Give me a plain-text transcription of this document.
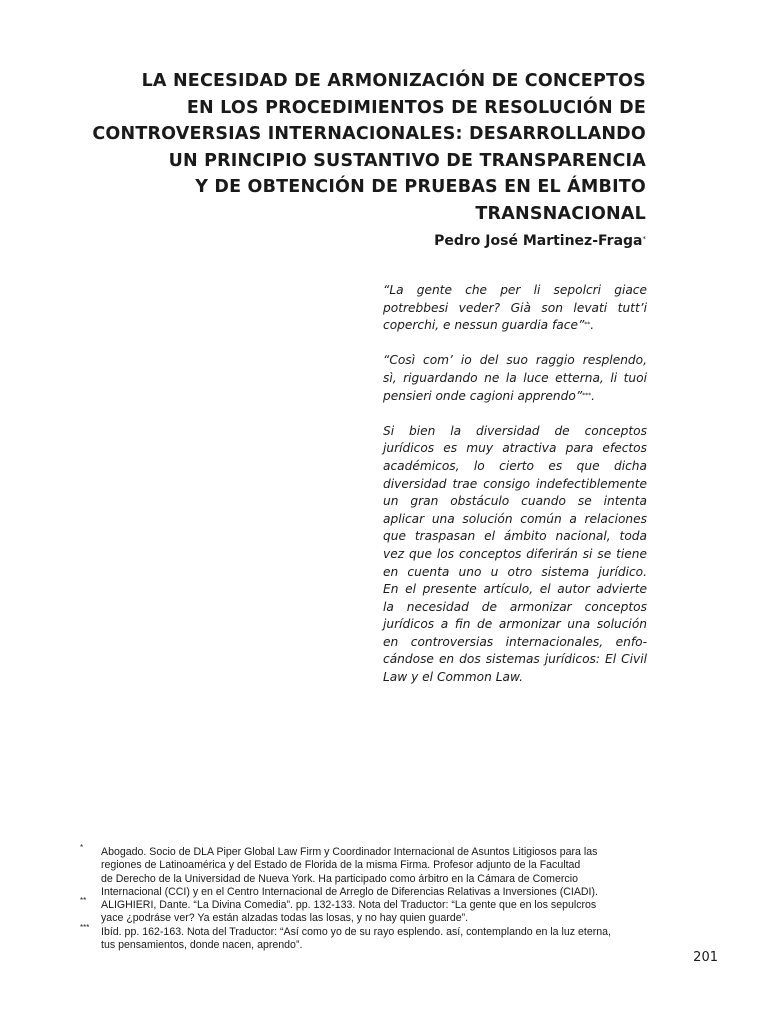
LA NECESIDAD DE ARMONIZACIÓN DE CONCEPTOS
EN LOS PROCEDIMIENTOS DE RESOLUCIÓN DE
CONTROVERSIAS INTERNACIONALES: DESARROLLANDO
UN PRINCIPIO SUSTANTIVO DE TRANSPARENCIA
Y DE OBTENCIÓN DE PRUEBAS EN EL ÁMBITO
TRANSNACIONAL
Pedro José Martinez-Fraga*
“La gente che per li sepolcri giace
potrebbesi veder? Già son levati tutt’i
coperchi, e nessun guardia face”**.
“Così com’ io del suo raggio resplendo,
sì, riguardando ne la luce etterna, li tuoi
pensieri onde cagioni apprendo”***.
Si bien la diversidad de conceptos
jurídicos es muy atractiva para efectos
académicos, lo cierto es que dicha
diversidad trae consigo indefectiblemente
un gran obstáculo cuando se intenta
aplicar una solución común a relaciones
que traspasan el ámbito nacional, toda
vez que los conceptos diferirán si se tiene
en cuenta uno u otro sistema jurídico.
En el presente artículo, el autor advierte
la necesidad de armonizar conceptos
jurídicos a fin de armonizar una solución
en controversias internacionales, enfo-
cándose en dos sistemas jurídicos: El Civil
Law y el Common Law.
* Abogado. Socio de DLA Piper Global Law Firm y Coordinador Internacional de Asuntos Litigiosos para las
regiones de Latinoamérica y del Estado de Florida de la misma Firma. Profesor adjunto de la Facultad
de Derecho de la Universidad de Nueva York. Ha participado como árbitro en la Cámara de Comercio
Internacional (CCI) y en el Centro Internacional de Arreglo de Diferencias Relativas a Inversiones (CIADI).
** ALIGHIERI, Dante. “La Divina Comedia”. pp. 132-133. Nota del Traductor: “La gente que en los sepulcros
yace ¿podráse ver? Ya están alzadas todas las losas, y no hay quien guarde”.
*** Ibíd. pp. 162-163. Nota del Traductor: “Así como yo de su rayo esplendo. así, contemplando en la luz eterna,
tus pensamientos, donde nacen, aprendo”.
201
